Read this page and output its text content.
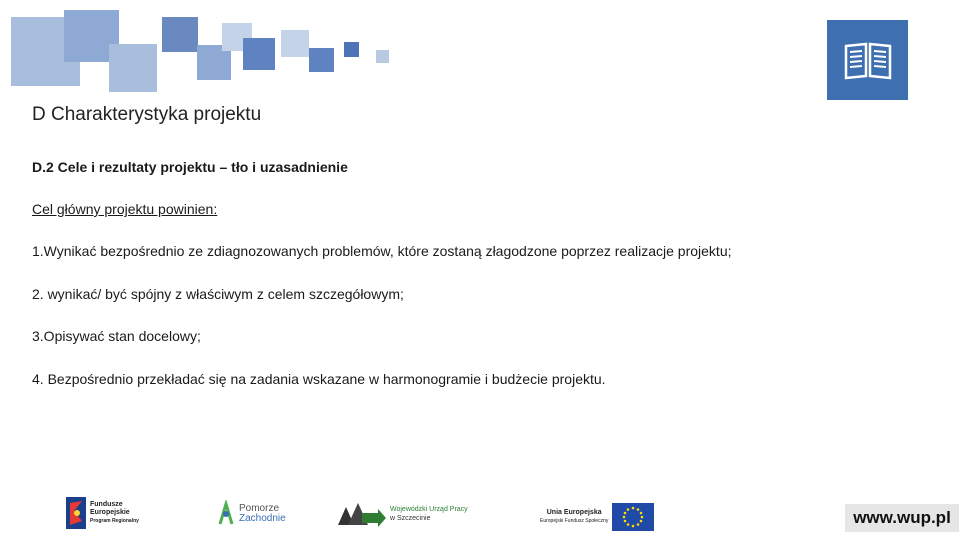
D Charakterystyka projektu
D.2 Cele i rezultaty projektu – tło i uzasadnienie
Cel główny projektu powinien:
1.Wynikać bezpośrednio ze zdiagnozowanych problemów, które zostaną złagodzone poprzez realizacje projektu;
2. wynikać/ być spójny z właściwym z celem szczegółowym;
3.Opisywać stan docelowy;
4. Bezpośrednio przekładać się na zadania wskazane w harmonogramie i budżecie projektu.
Fundusze
Europejskie
Program Regionalny
Pomorze
Zachodnie
Wojewódzki Urząd Pracy
w Szczecinie
Unia Europejska
Europejski Fundusz Społeczny	www.wup.pl
